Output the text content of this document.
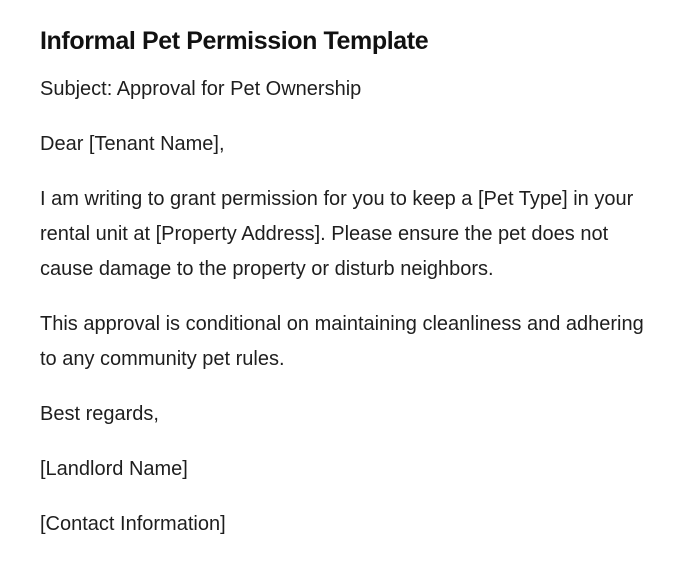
Informal Pet Permission Template

Subject: Approval for Pet Ownership

Dear [Tenant Name],

I am writing to grant permission for you to keep a [Pet Type] in your rental unit at [Property Address]. Please ensure the pet does not cause damage to the property or disturb neighbors.

This approval is conditional on maintaining cleanliness and adhering to any community pet rules.

Best regards,

[Landlord Name]

[Contact Information]
